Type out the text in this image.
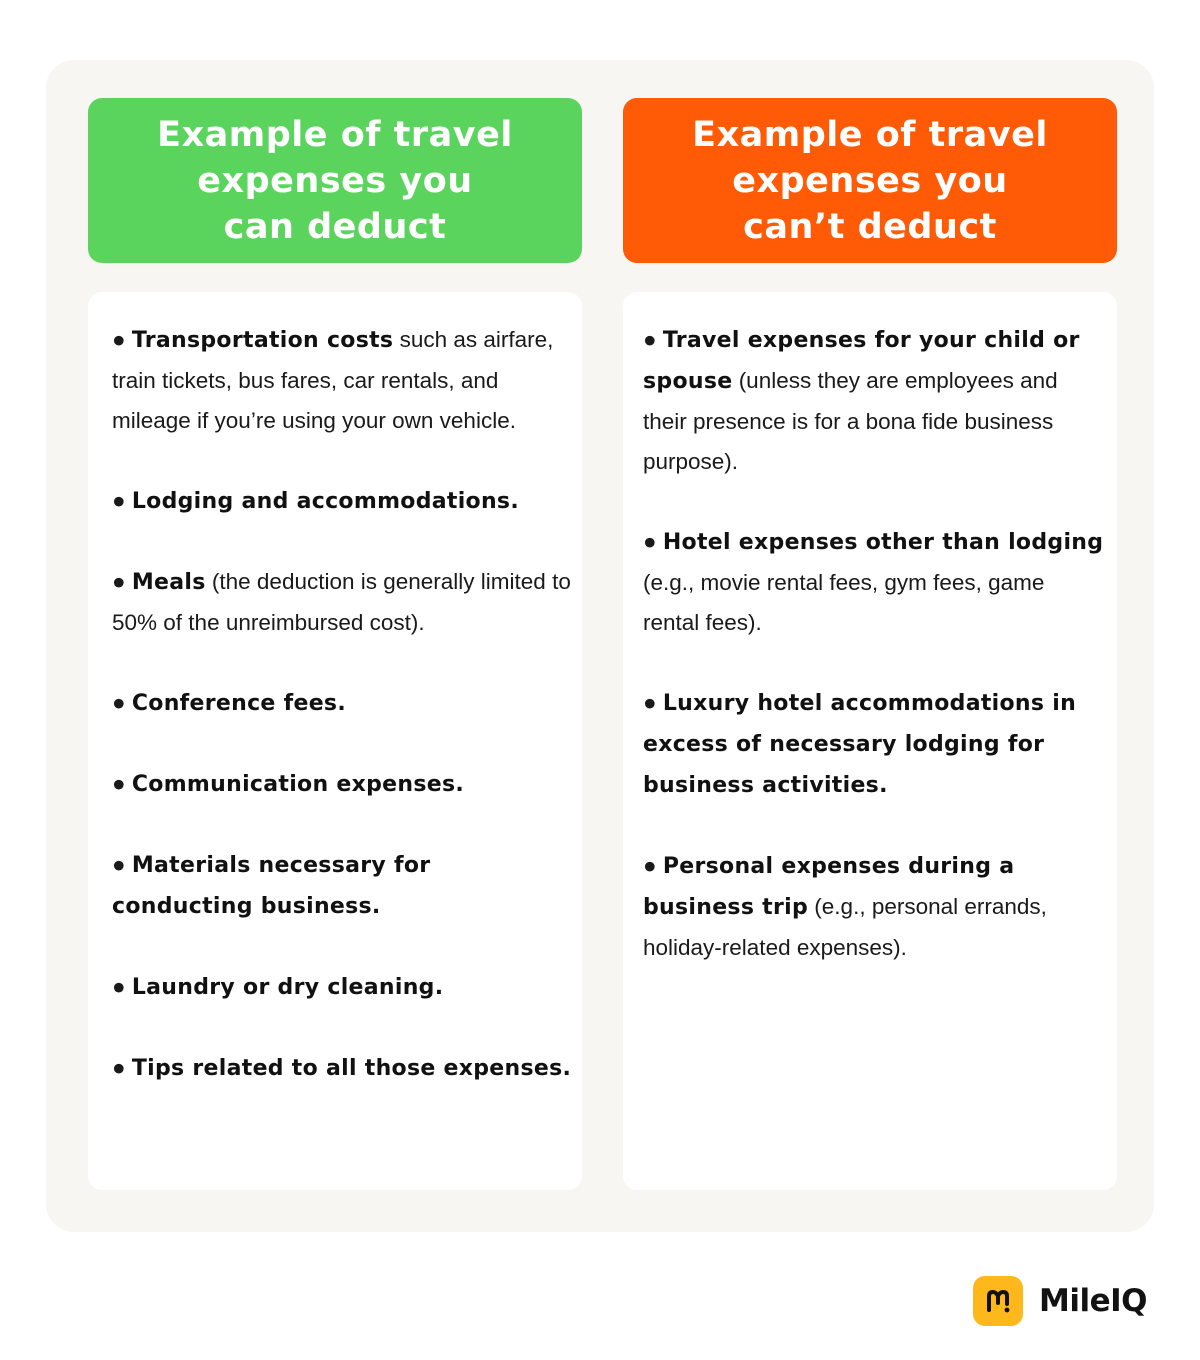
Example of travel
expenses you
can deduct
Example of travel
expenses you
can’t deduct
● Transportation costs such as airfare, train tickets, bus fares, car rentals, and mileage if you’re using your own vehicle.
● Lodging and accommodations.
● Meals (the deduction is generally limited to 50% of the unreimbursed cost).
● Conference fees.
● Communication expenses.
● Materials necessary for conducting business.
● Laundry or dry cleaning.
● Tips related to all those expenses.
● Travel expenses for your child or spouse (unless they are employees and their presence is for a bona fide business purpose).
● Hotel expenses other than lodging (e.g., movie rental fees, gym fees, game rental fees).
● Luxury hotel accommodations in excess of necessary lodging for business activities.
● Personal expenses during a business trip (e.g., personal errands, holiday-related expenses).
MileIQ
